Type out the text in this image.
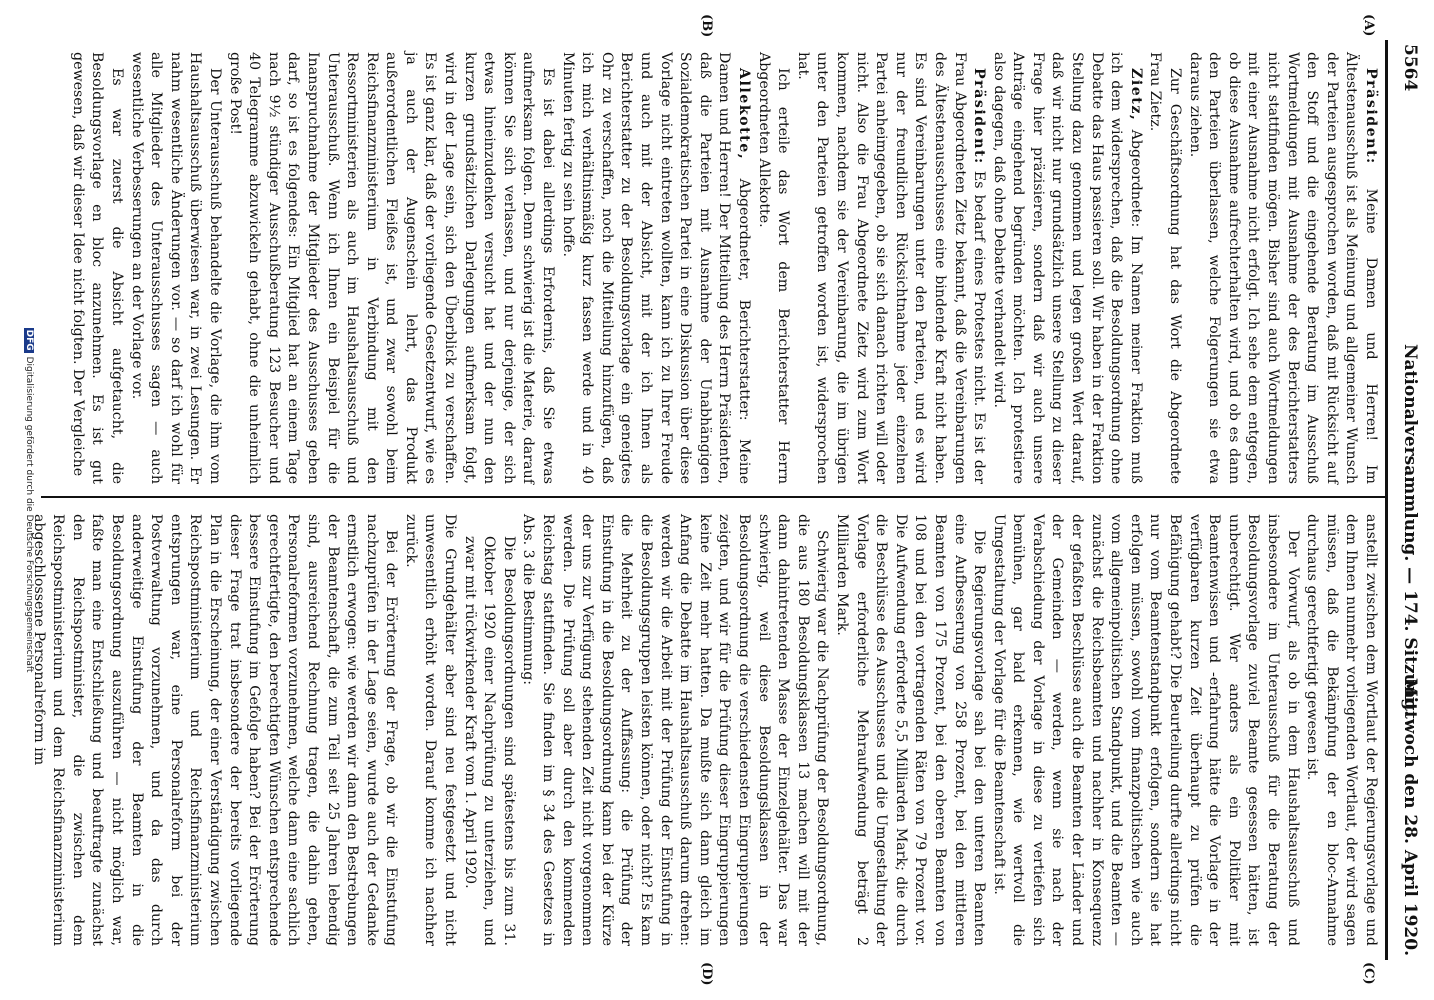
5564
Nationalversammlung. — 174. Sitzung.
Mittwoch den 28. April 1920.
(A)
(B)
(C)
(D)

Präsident: Meine Damen und Herren! Im Ältestenausschuß ist als Meinung und allgemeiner Wunsch der Parteien ausgesprochen worden, daß mit Rücksicht auf den Stoff und die eingehende Beratung im Ausschuß Wortmeldungen mit Ausnahme der des Berichterstatters nicht stattfinden mögen. Bisher sind auch Wortmeldungen mit einer Ausnahme nicht erfolgt. Ich sehe dem entgegen, ob diese Ausnahme aufrechterhalten wird, und ob es dann den Parteien überlassen, welche Folgerungen sie etwa daraus ziehen.

Zur Geschäftsordnung hat das Wort die Abgeordnete Frau Zietz.

Zietz, Abgeordnete: Im Namen meiner Fraktion muß ich dem widersprechen, daß die Besoldungsordnung ohne Debatte das Haus passieren soll. Wir haben in der Fraktion Stellung dazu genommen und legen großen Wert darauf, daß wir nicht nur grundsätzlich unsere Stellung zu dieser Frage hier präzisieren, sondern daß wir auch unsere Anträge eingehend begründen möchten. Ich protestiere also dagegen, daß ohne Debatte verhandelt wird.

Präsident: Es bedarf eines Protestes nicht. Es ist der Frau Abgeordneten Zietz bekannt, daß die Vereinbarungen des Ältestenausschusses eine bindende Kraft nicht haben. Es sind Vereinbarungen unter den Parteien, und es wird nur der freundlichen Rücksichtnahme jeder einzelnen Partei anheimgegeben, ob sie sich danach richten will oder nicht. Also die Frau Abgeordnete Zietz wird zum Wort kommen, nachdem sie der Vereinbarung, die im übrigen unter den Parteien getroffen worden ist, widersprochen hat.

Ich erteile das Wort dem Berichterstatter Herrn Abgeordneten Allekotte.

Allekotte, Abgeordneter, Berichterstatter: Meine Damen und Herren! Der Mitteilung des Herrn Präsidenten, daß die Parteien mit Ausnahme der Unabhängigen Sozialdemokratischen Partei in eine Diskussion über diese Vorlage nicht eintreten wollten, kann ich zu Ihrer Freude und auch mit der Absicht, mit der ich Ihnen als Berichterstatter zu der Besoldungsvorlage ein geneigtes Ohr zu verschaffen, noch die Mitteilung hinzufügen, daß ich mich verhältnismäßig kurz fassen werde und in 40 Minuten fertig zu sein hoffe.

Es ist dabei allerdings Erfordernis, daß Sie etwas aufmerksam folgen. Denn schwierig ist die Materie, darauf können Sie sich verlassen, und nur derjenige, der sich etwas hineinzudenken versucht hat und der nun den kurzen grundsätzlichen Darlegungen aufmerksam folgt, wird in der Lage sein, sich den Überblick zu verschaffen. Es ist ganz klar, daß der vorliegende Gesetzentwurf, wie es ja auch der Augenschein lehrt, das Produkt außerordentlichen Fleißes ist, und zwar sowohl beim Reichsfinanzministerium in Verbindung mit den Ressortministerien als auch im Haushaltsausschuß und Unterausschuß. Wenn ich Ihnen ein Beispiel für die Inanspruchnahme der Mitglieder des Ausschusses geben darf, so ist es folgendes: Ein Mitglied hat an einem Tage nach 9½ stündiger Ausschußberatung 123 Besucher und 40 Telegramme abzuwickeln gehabt, ohne die unheimlich große Post!

Der Unterausschuß behandelte die Vorlage, die ihm vom Haushaltsausschuß überwiesen war, in zwei Lesungen. Er nahm wesentliche Änderungen vor. — so darf ich wohl für alle Mitglieder des Unterausschusses sagen — auch wesentliche Verbesserungen an der Vorlage vor.

Es war zuerst die Absicht aufgetaucht, die Besoldungsvorlage en bloc anzunehmen. Es ist gut gewesen, daß wir dieser Idee nicht folgten. Der Vergleiche

anstellt zwischen dem Wortlaut der Regierungsvorlage und dem Ihnen nunmehr vorliegenden Wortlaut, der wird sagen müssen, daß die Bekämpfung der en bloc-Annahme durchaus gerechtfertigt gewesen ist.

Der Vorwurf, als ob in dem Haushaltsausschuß und insbesondere im Unterausschuß für die Beratung der Besoldungsvorlage zuviel Beamte gesessen hätten, ist unberechtigt. Wer anders als ein Politiker mit Beamtenwissen und -erfahrung hätte die Vorlage in der verfügbaren kurzen Zeit überhaupt zu prüfen die Befähigung gehabt? Die Beurteilung durfte allerdings nicht nur vom Beamtenstandpunkt erfolgen, sondern sie hat erfolgen müssen, sowohl vom finanzpolitischen wie auch vom allgemeinpolitischen Standpunkt, und die Beamten — zunächst die Reichsbeamten und nachher in Konsequenz der gefaßten Beschlüsse auch die Beamten der Länder und der Gemeinden — werden, wenn sie nach der Verabschiedung der Vorlage in diese zu vertiefen sich bemühen, gar bald erkennen, wie wertvoll die Umgestaltung der Vorlage für die Beamtenschaft ist.

Die Regierungsvorlage sah bei den unteren Beamten eine Aufbesserung von 258 Prozent, bei den mittleren Beamten von 175 Prozent, bei den oberen Beamten von 108 und bei den vortragenden Räten von 79 Prozent vor. Die Aufwendung erforderte 5,5 Milliarden Mark; die durch die Beschlüsse des Ausschusses und die Umgestaltung der Vorlage erforderliche Mehraufwendung beträgt 2 Milliarden Mark.

Schwierig war die Nachprüfung der Besoldungsordnung, die aus 180 Besoldungsklassen 13 machen will mit der dann dahintretenden Masse der Einzelgehälter. Das war schwierig, weil diese Besoldungsklassen in der Besoldungsordnung die verschiedensten Eingruppierungen zeigten, und wir für die Prüfung dieser Eingruppierungen keine Zeit mehr hatten. Da mußte sich dann gleich im Anfang die Debatte im Haushaltsausschuß darum drehen: werden wir die Arbeit mit der Prüfung der Einstufung in die Besoldungsgruppen leisten können, oder nicht? Es kam die Mehrheit zu der Auffassung: die Prüfung der Einstufung in die Besoldungsordnung kann bei der Kürze der uns zur Verfügung stehenden Zeit nicht vorgenommen werden. Die Prüfung soll aber durch den kommenden Reichstag stattfinden. Sie finden im § 34 des Gesetzes in Abs. 3 die Bestimmung:

Die Besoldungsordnungen sind spätestens bis zum 31. Oktober 1920 einer Nachprüfung zu unterziehen, und zwar mit rückwirkender Kraft vom 1. April 1920.

Die Grundgehälter aber sind neu festgesetzt und nicht unwesentlich erhöht worden. Darauf komme ich nachher zurück.

Bei der Erörterung der Frage, ob wir die Einstufung nachzuprüfen in der Lage seien, wurde auch der Gedanke ernstlich erwogen: wie werden wir dann den Bestrebungen der Beamtenschaft, die zum Teil seit 25 Jahren lebendig sind, ausreichend Rechnung tragen, die dahin gehen, Personalreformen vorzunehmen, welche dann eine sachlich gerechtfertigte, den berechtigten Wünschen entsprechende bessere Einstufung im Gefolge haben? Bei der Erörterung dieser Frage trat insbesondere der bereits vorliegende Plan in die Erscheinung, der einer Verständigung zwischen Reichspostministerium und Reichsfinanzministerium entsprungen war, eine Personalreform bei der Postverwaltung vorzunehmen, und da das durch anderweitige Einstufung der Beamten in die Besoldungsordnung auszuführen — nicht möglich war, faßte man eine Entschließung und beauftragte zunächst den Reichspostminister, die zwischen dem Reichspostministerium und dem Reichsfinanzministerium abgeschlossene Personalreform im

DFGDigitalisierung gefördert durch die Deutsche Forschungsgemeinschaft
